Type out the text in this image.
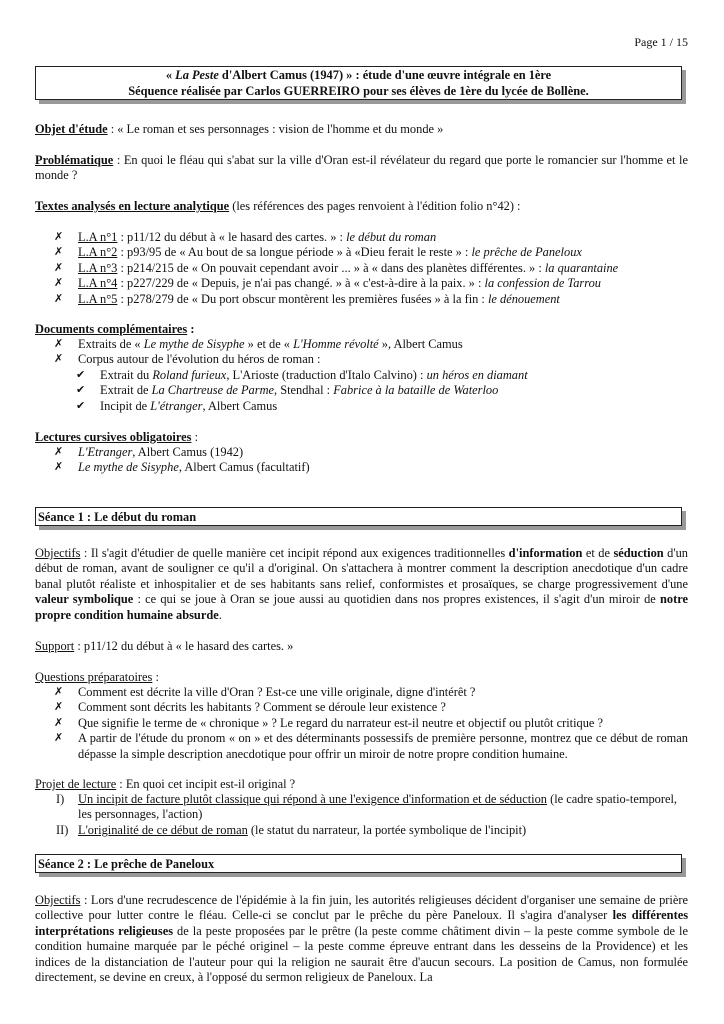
Page 1 / 15
« La Peste d'Albert Camus (1947) » : étude d'une œuvre intégrale en 1ère
Séquence réalisée par Carlos GUERREIRO pour ses élèves de 1ère du lycée de Bollène.
Objet d'étude : « Le roman et ses personnages : vision de l'homme et du monde »
Problématique : En quoi le fléau qui s'abat sur la ville d'Oran est-il révélateur du regard que porte le romancier sur l'homme et le monde ?
Textes analysés en lecture analytique (les références des pages renvoient à l'édition folio n°42) :
✗ L.A n°1 : p11/12 du début à « le hasard des cartes. » : le début du roman
✗ L.A n°2 : p93/95 de « Au bout de sa longue période » à «Dieu ferait le reste » : le prêche de Paneloux
✗ L.A n°3 : p214/215 de « On pouvait cependant avoir ... » à « dans des planètes différentes. » : la quarantaine
✗ L.A n°4 : p227/229 de « Depuis, je n'ai pas changé. » à « c'est-à-dire à la paix. » : la confession de Tarrou
✗ L.A n°5 : p278/279 de « Du port obscur montèrent les premières fusées » à la fin : le dénouement
Documents complémentaires :
✗ Extraits de « Le mythe de Sisyphe » et de « L'Homme révolté », Albert Camus
✗ Corpus autour de l'évolution du héros de roman :
✔ Extrait du Roland furieux, L'Arioste (traduction d'Italo Calvino) : un héros en diamant
✔ Extrait de La Chartreuse de Parme, Stendhal : Fabrice à la bataille de Waterloo
✔ Incipit de L'étranger, Albert Camus
Lectures cursives obligatoires :
✗ L'Etranger, Albert Camus (1942)
✗ Le mythe de Sisyphe, Albert Camus (facultatif)
Séance 1 : Le début du roman
Objectifs : Il s'agit d'étudier de quelle manière cet incipit répond aux exigences traditionnelles d'information et de séduction d'un début de roman, avant de souligner ce qu'il a d'original. On s'attachera à montrer comment la description anecdotique d'un cadre banal plutôt réaliste et inhospitalier et de ses habitants sans relief, conformistes et prosaïques, se charge progressivement d'une valeur symbolique : ce qui se joue à Oran se joue aussi au quotidien dans nos propres existences, il s'agit d'un miroir de notre propre condition humaine absurde.
Support : p11/12 du début à « le hasard des cartes. »
Questions préparatoires :
✗ Comment est décrite la ville d'Oran ? Est-ce une ville originale, digne d'intérêt ?
✗ Comment sont décrits les habitants ? Comment se déroule leur existence ?
✗ Que signifie le terme de « chronique » ? Le regard du narrateur est-il neutre et objectif ou plutôt critique ?
✗ A partir de l'étude du pronom « on » et des déterminants possessifs de première personne, montrez que ce début de roman dépasse la simple description anecdotique pour offrir un miroir de notre propre condition humaine.
Projet de lecture : En quoi cet incipit est-il original ?
I) Un incipit de facture plutôt classique qui répond à une l'exigence d'information et de séduction (le cadre spatio-temporel, les personnages, l'action)
II) L'originalité de ce début de roman (le statut du narrateur, la portée symbolique de l'incipit)
Séance 2 : Le prêche de Paneloux
Objectifs : Lors d'une recrudescence de l'épidémie à la fin juin, les autorités religieuses décident d'organiser une semaine de prière collective pour lutter contre le fléau. Celle-ci se conclut par le prêche du père Paneloux. Il s'agira d'analyser les différentes interprétations religieuses de la peste proposées par le prêtre (la peste comme châtiment divin – la peste comme symbole de le condition humaine marquée par le péché originel – la peste comme épreuve entrant dans les desseins de la Providence) et les indices de la distanciation de l'auteur pour qui la religion ne saurait être d'aucun secours. La position de Camus, non formulée directement, se devine en creux, à l'opposé du sermon religieux de Paneloux. La
